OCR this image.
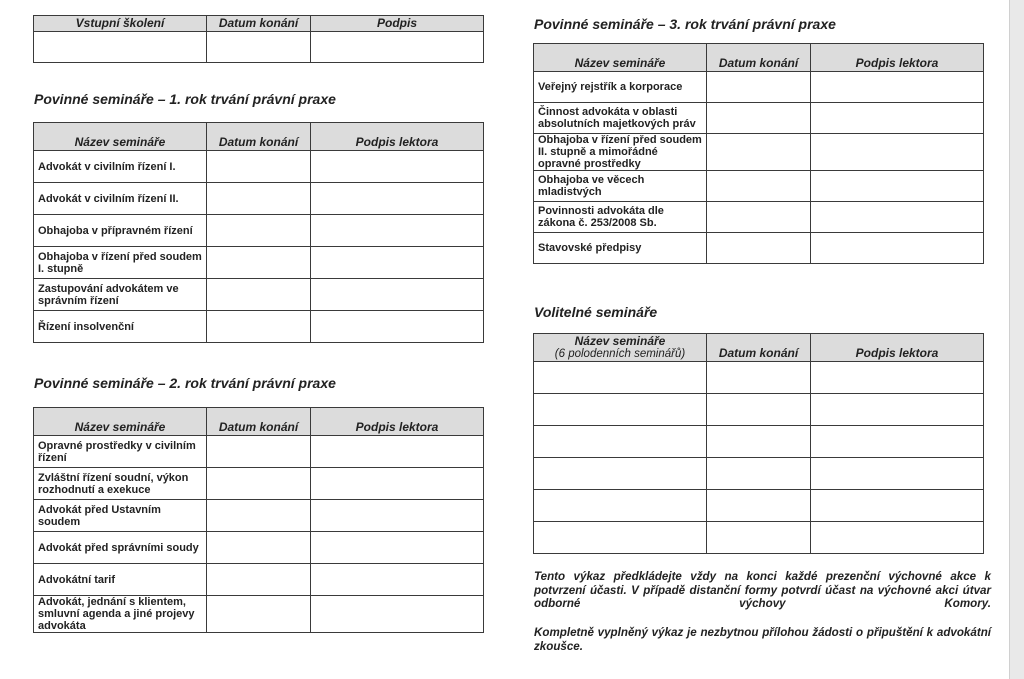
Vstupní školení	Datum konání	Podpis

Povinné semináře – 1. rok trvání právní praxe
Název semináře	Datum konání	Podpis lektora
Advokát v civilním řízení I.		
Advokát v civilním řízení II.		
Obhajoba v přípravném řízení		
Obhajoba v řízení před soudem I. stupně		
Zastupování advokátem ve správním řízení		
Řízení insolvenční		
Povinné semináře – 2. rok trvání právní praxe
Název semináře	Datum konání	Podpis lektora
Opravné prostředky v civilním řízení		
Zvláštní řízení soudní, výkon rozhodnutí a exekuce		
Advokát před Ustavním soudem		
Advokát před správními soudy		
Advokátní tarif		
Advokát, jednání s klientem, smluvní agenda a jiné projevy advokáta		
Povinné semináře – 3. rok trvání právní praxe
Název semináře	Datum konání	Podpis lektora
Veřejný rejstřík a korporace		
Činnost advokáta v oblasti absolutních majetkových práv		
Obhajoba v řízení před soudem II. stupně a mimořádné opravné prostředky		
Obhajoba ve věcech mladistvých		
Povinnosti advokáta dle zákona č. 253/2008 Sb.		
Stavovské předpisy		
Volitelné semináře
Název semináře
(6 polodenních seminářů)	Datum konání	Podpis lektora

Tento výkaz předkládejte vždy na konci každé prezenční výchovné akce k potvrzení účasti. V případě distanční formy potvrdí účast na výchovné akci útvar odborné výchovy Komory.
Kompletně vyplněný výkaz je nezbytnou přílohou žádosti o připuštění k advokátní zkoušce.
